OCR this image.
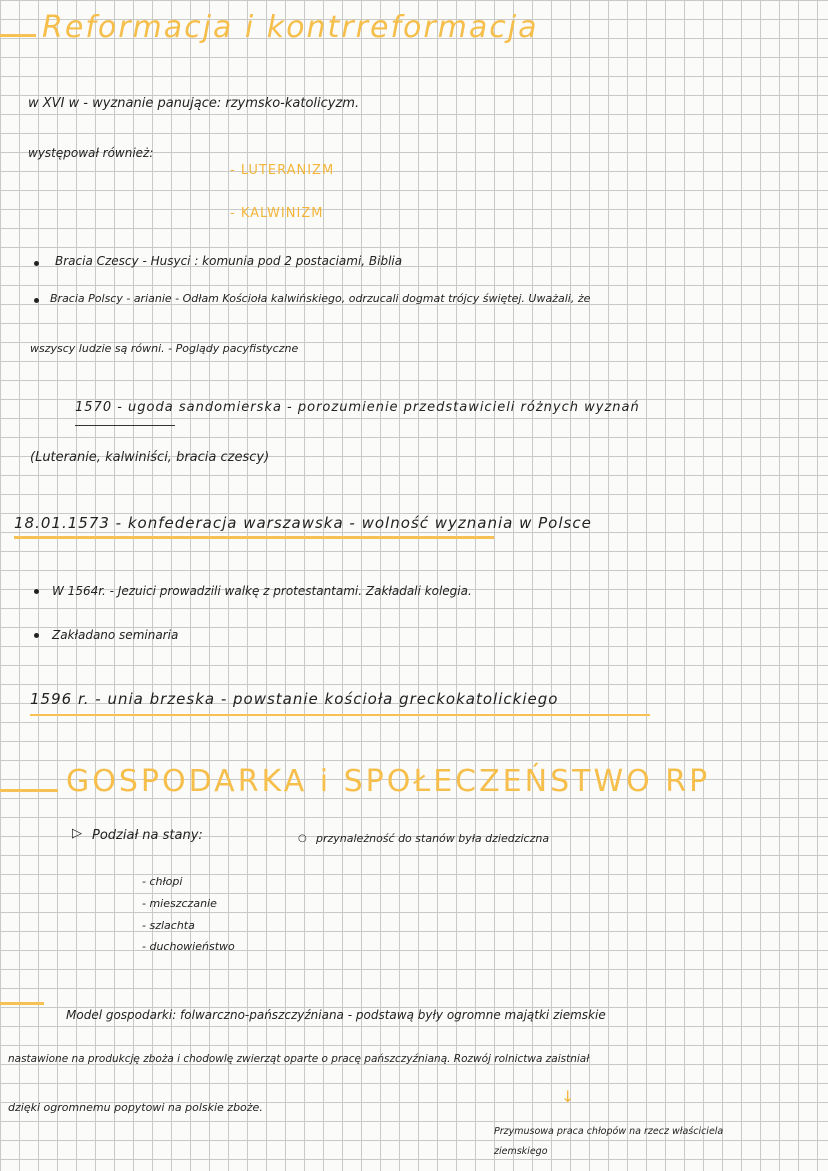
Reformacja i kontrreformacja
w XVI w - wyznanie panujące: rzymsko-katolicyzm.
występował również:
- LUTERANIZM
- KALWINIZM
Bracia Czescy - Husyci : komunia pod 2 postaciami, Biblia
Bracia Polscy - arianie - Odłam Kościoła kalwińskiego, odrzucali dogmat trójcy świętej. Uważali, że
wszyscy ludzie są równi. - Poglądy pacyfistyczne
1570 - ugoda sandomierska - porozumienie przedstawicieli różnych wyznań
(Luteranie, kalwiniści, bracia czescy)
18.01.1573 - konfederacja warszawska - wolność wyznania w Polsce
W 1564r. - Jezuici prowadzili walkę z protestantami. Zakładali kolegia.
Zakładano seminaria
1596 r. - unia brzeska - powstanie kościoła greckokatolickiego
GOSPODARKA i SPOŁECZEŃSTWO RP
▷ Podział na stany:	○ przynależność do stanów była dziedziczna
- chłopi
- mieszczanie
- szlachta
- duchowieństwo
Model gospodarki: folwarczno-pańszczyźniana - podstawą były ogromne majątki ziemskie
nastawione na produkcję zboża i chodowlę zwierząt oparte o pracę pańszczyźnianą. Rozwój rolnictwa zaistniał
dzięki ogromnemu popytowi na polskie zboże.
↓
Przymusowa praca chłopów na rzecz właściciela
ziemskiego
